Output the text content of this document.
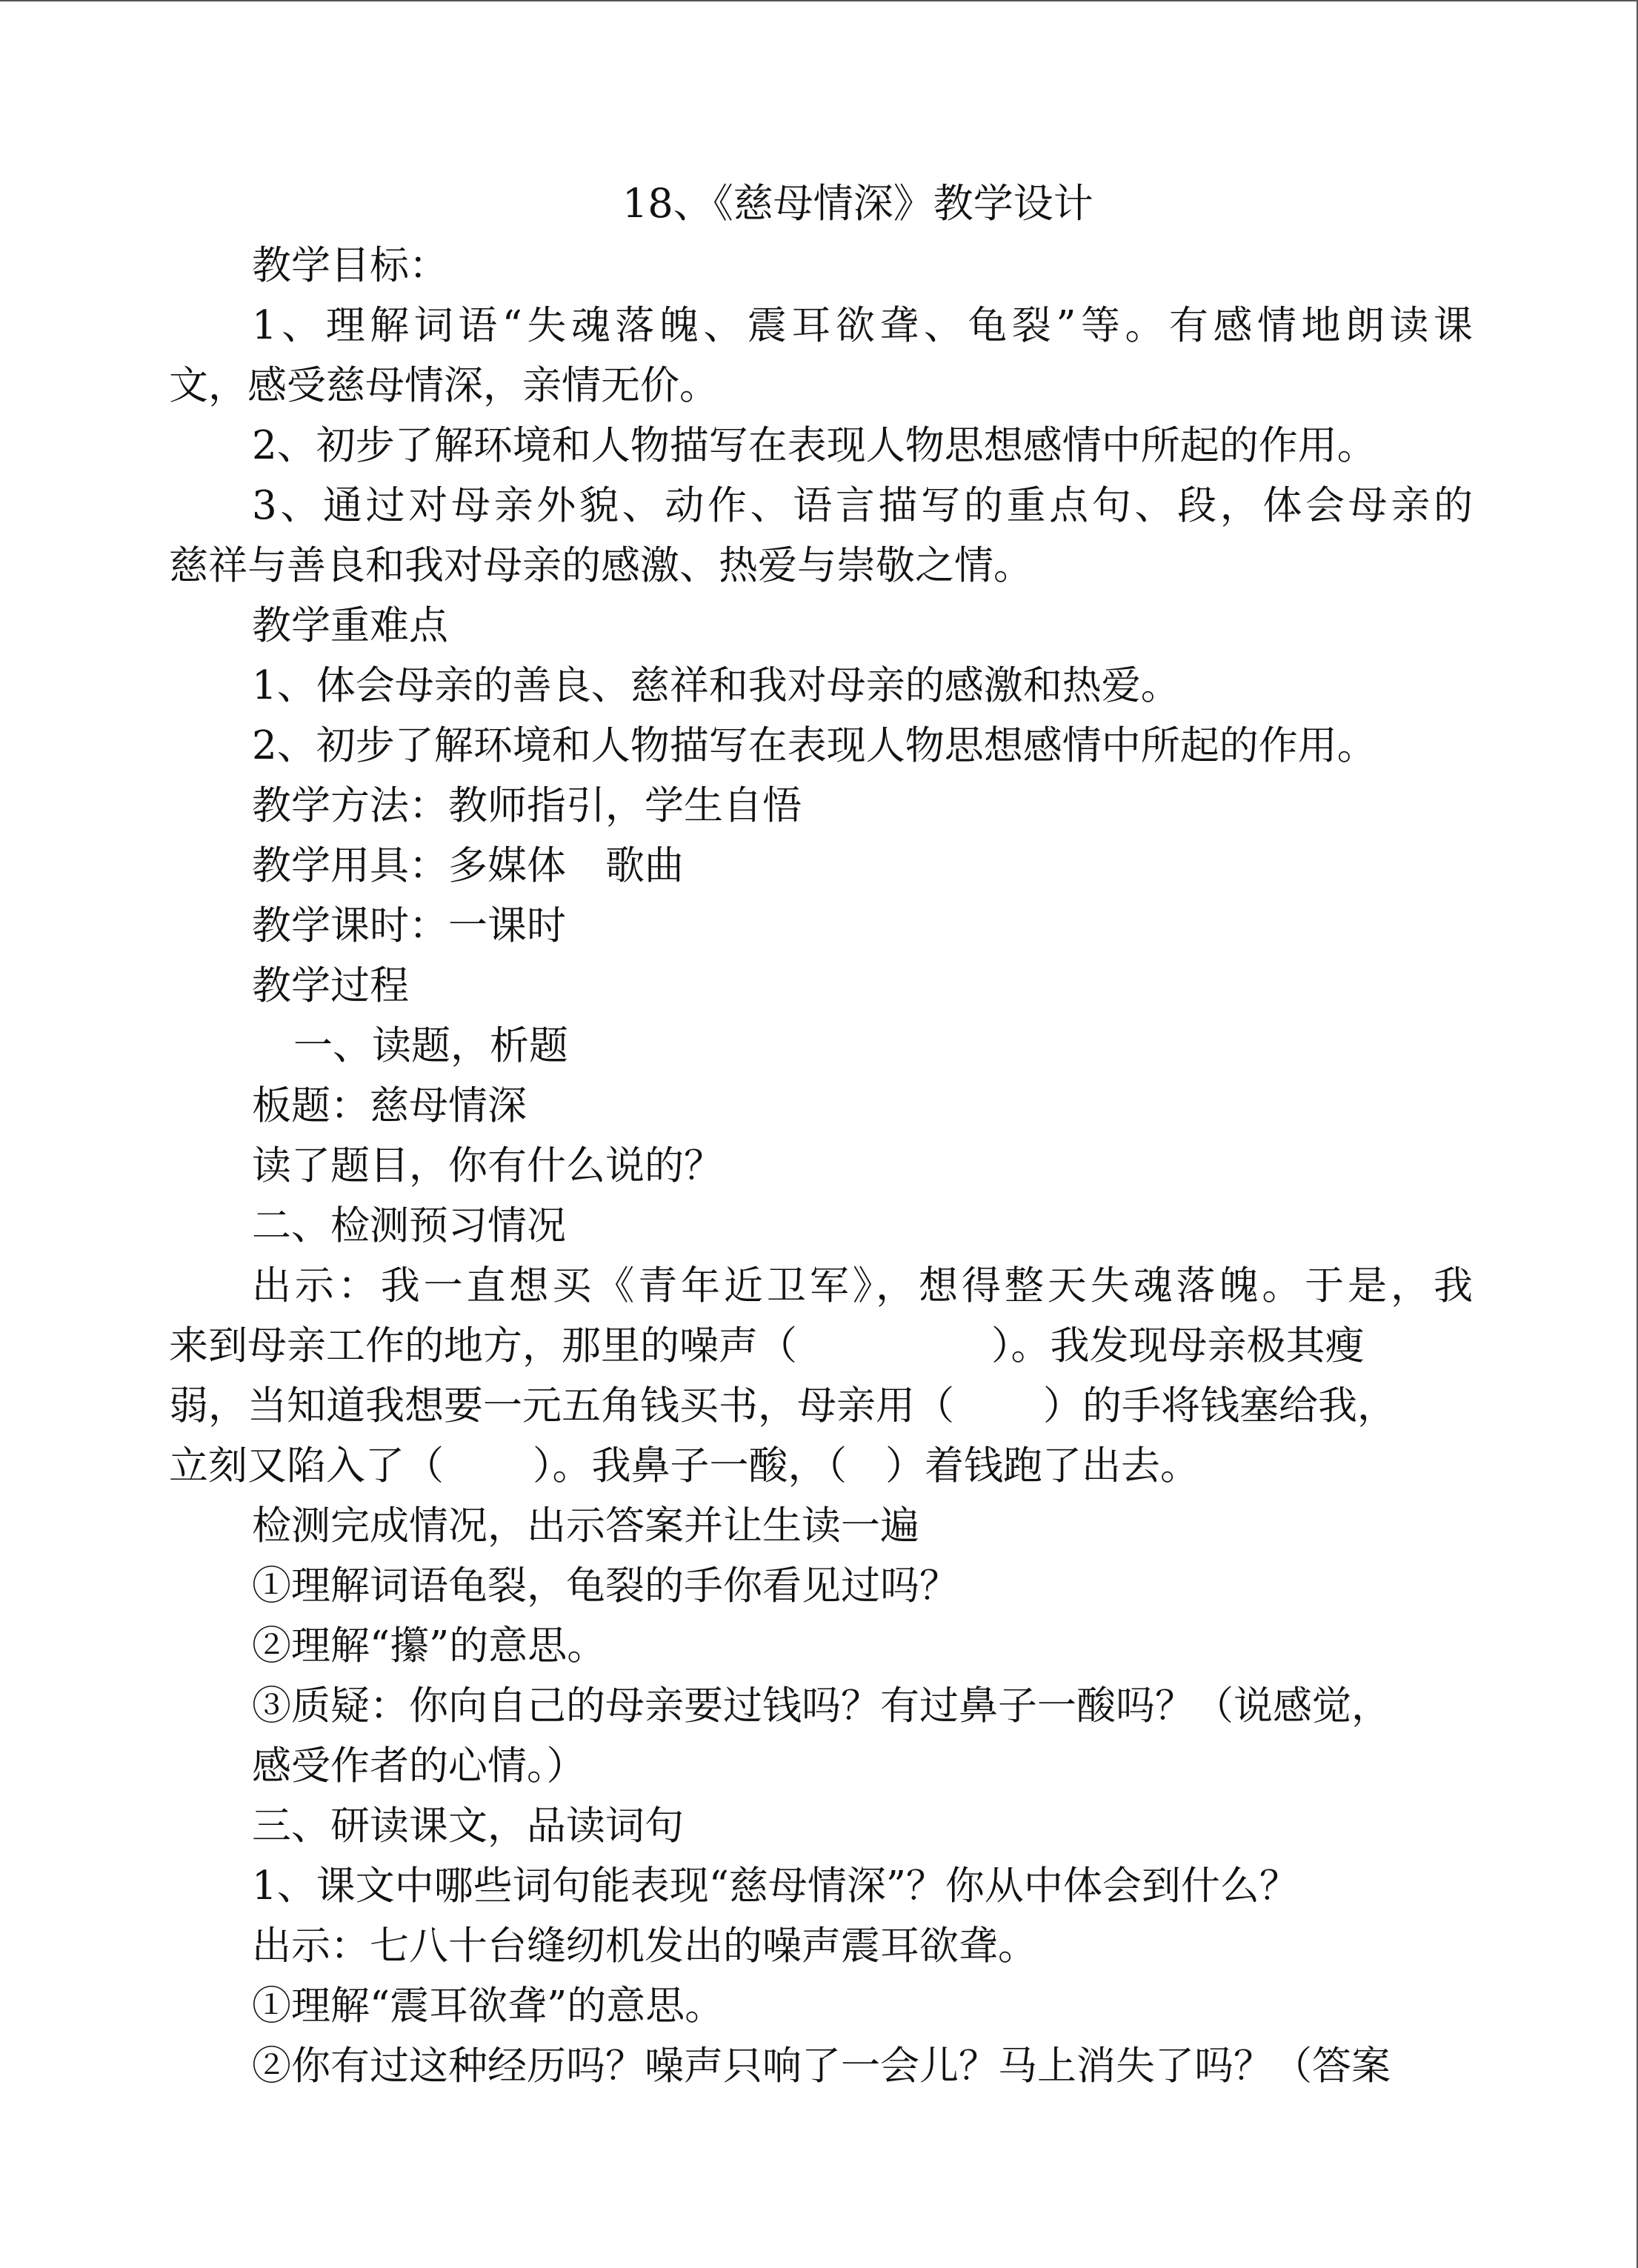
18、《慈母情深》教学设计

教学目标：

1、理解词语“失魂落魄、震耳欲聋、龟裂”等。有感情地朗读课

文，感受慈母情深，亲情无价。

2、初步了解环境和人物描写在表现人物思想感情中所起的作用。

3、通过对母亲外貌、动作、语言描写的重点句、段，体会母亲的

慈祥与善良和我对母亲的感激、热爱与崇敬之情。

教学重难点

1、体会母亲的善良、慈祥和我对母亲的感激和热爱。

2、初步了解环境和人物描写在表现人物思想感情中所起的作用。

教学方法：教师指引，学生自悟

教学用具：多媒体　歌曲

教学课时：一课时

教学过程

一、读题，析题

板题：慈母情深

读了题目，你有什么说的？

二、检测预习情况

出示：我一直想买《青年近卫军》，想得整天失魂落魄。于是，我

来到母亲工作的地方，那里的噪声（	）。我发现母亲极其瘦

弱，当知道我想要一元五角钱买书，母亲用（ ）的手将钱塞给我，

立刻又陷入了（ ）。我鼻子一酸，（ ）着钱跑了出去。

检测完成情况，出示答案并让生读一遍

①理解词语龟裂，龟裂的手你看见过吗？

②理解“攥”的意思。

③质疑：你向自己的母亲要过钱吗？有过鼻子一酸吗？（说感觉，

感受作者的心情。）

三、研读课文，品读词句

1、课文中哪些词句能表现“慈母情深”？你从中体会到什么？

出示：七八十台缝纫机发出的噪声震耳欲聋。

①理解“震耳欲聋”的意思。

②你有过这种经历吗？噪声只响了一会儿？马上消失了吗？（答案
